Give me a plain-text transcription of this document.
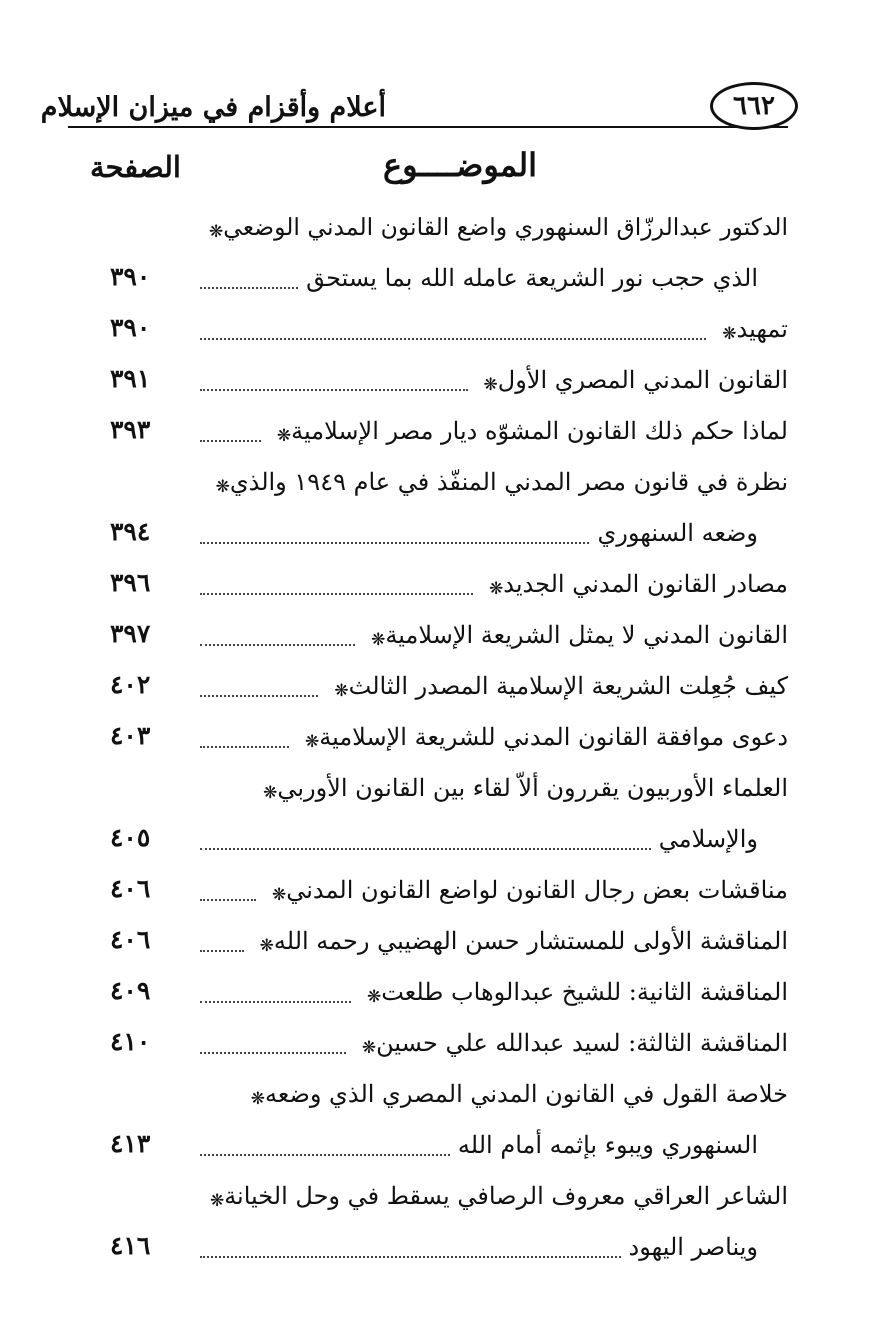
أعلام وأقزام في ميزان الإسلام	٦٦٢
الموضــــوع
الصفحة
❋ الدكتور عبدالرزّاق السنهوري واضع القانون المدني الوضعي
الذي حجب نور الشريعة عامله الله بما يستحق
٣٩٠
❋ تمهيد
٣٩٠
❋ القانون المدني المصري الأول
٣٩١
❋ لماذا حكم ذلك القانون المشوّه ديار مصر الإسلامية
٣٩٣
❋ نظرة في قانون مصر المدني المنفّذ في عام ١٩٤٩ والذي
وضعه السنهوري
٣٩٤
❋ مصادر القانون المدني الجديد
٣٩٦
❋ القانون المدني لا يمثل الشريعة الإسلامية
٣٩٧
❋ كيف جُعِلت الشريعة الإسلامية المصدر الثالث
٤٠٢
❋ دعوى موافقة القانون المدني للشريعة الإسلامية
٤٠٣
❋ العلماء الأوربيون يقررون ألاّ لقاء بين القانون الأوربي
والإسلامي
٤٠٥
❋ مناقشات بعض رجال القانون لواضع القانون المدني
٤٠٦
❋ المناقشة الأولى للمستشار حسن الهضيبي رحمه الله
٤٠٦
❋ المناقشة الثانية: للشيخ عبدالوهاب طلعت
٤٠٩
❋ المناقشة الثالثة: لسيد عبدالله علي حسين
٤١٠
❋ خلاصة القول في القانون المدني المصري الذي وضعه
السنهوري ويبوء بإثمه أمام الله
٤١٣
❋ الشاعر العراقي معروف الرصافي يسقط في وحل الخيانة
ويناصر اليهود
٤١٦
